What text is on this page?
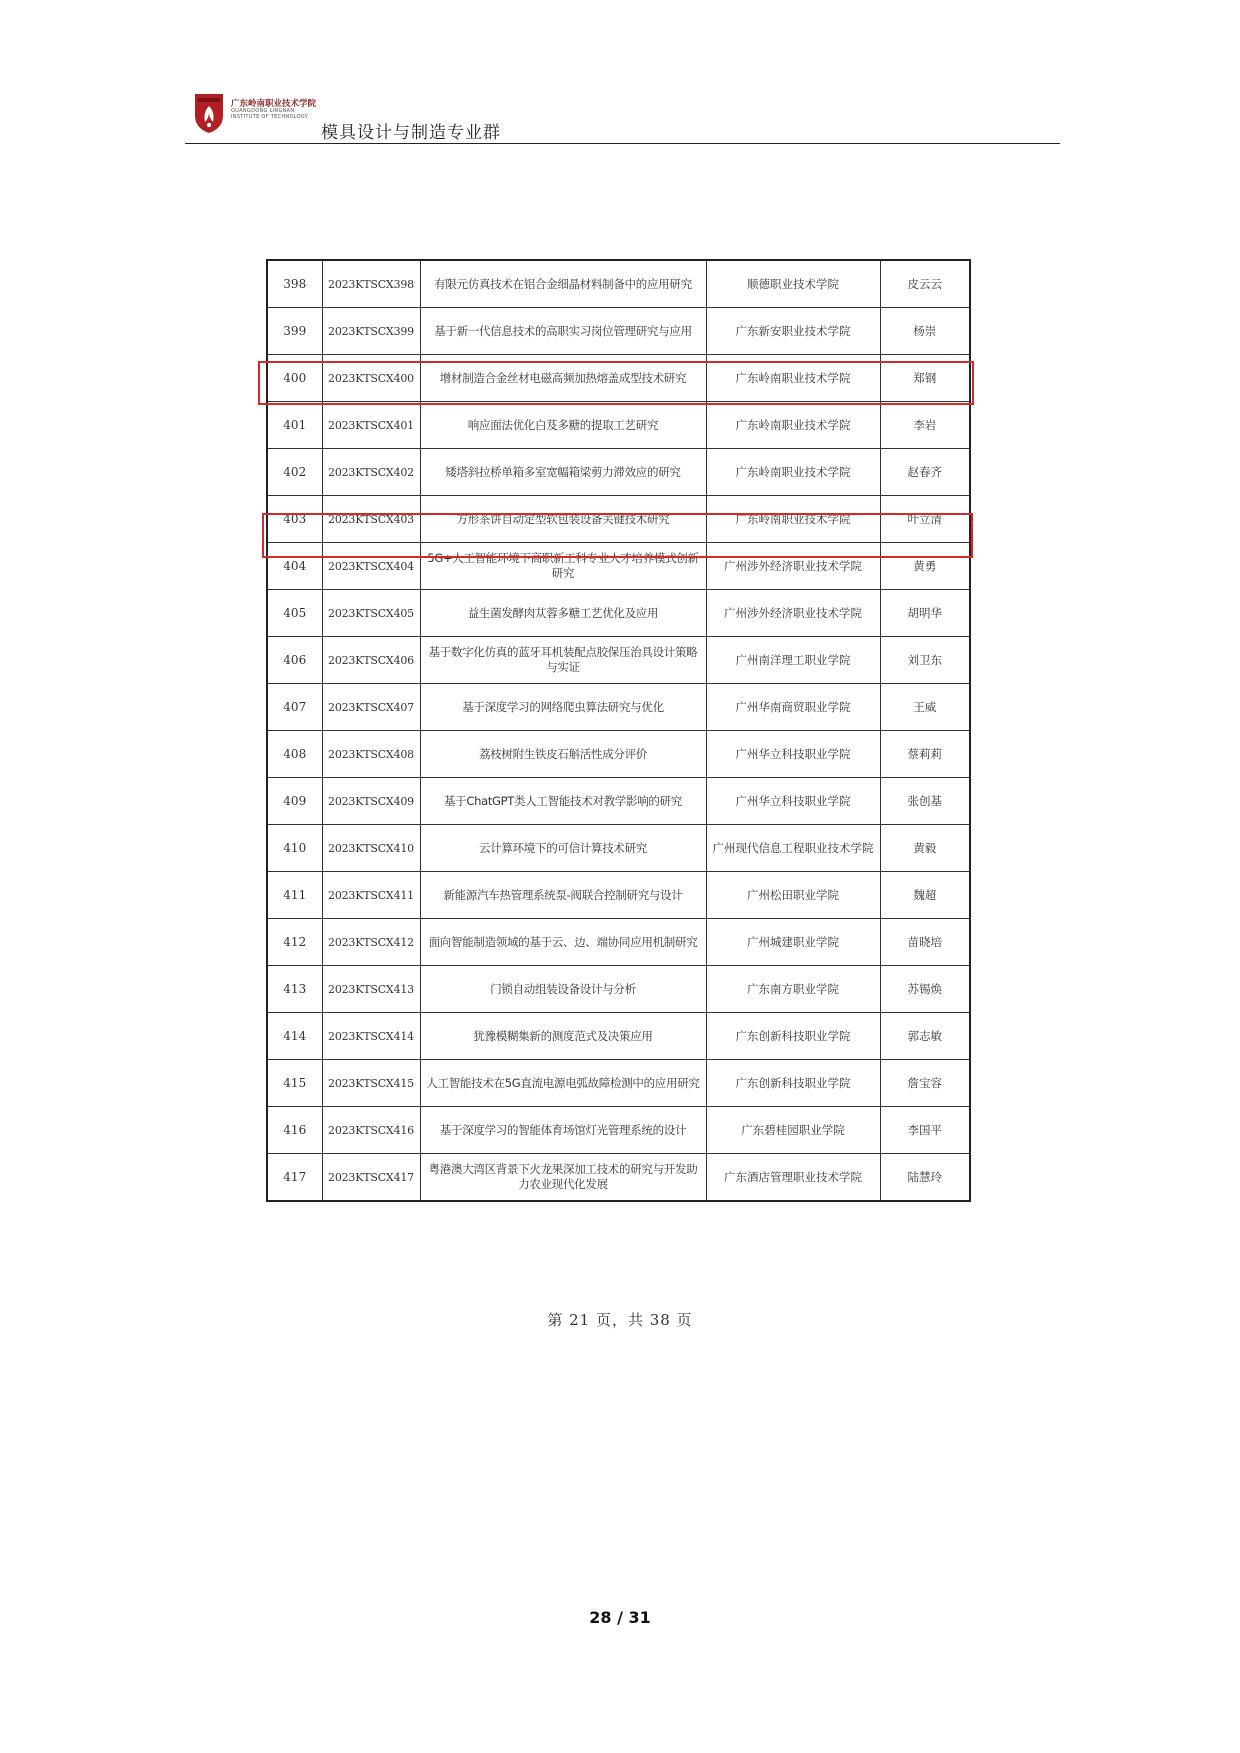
广东岭南职业技术学院
GUANGDONG LINGNAN
INSTITUTE OF TECHNOLOGY
模具设计与制造专业群
398	2023KTSCX398	有限元仿真技术在铝合金细晶材料制备中的应用研究	顺德职业技术学院	皮云云
399	2023KTSCX399	基于新一代信息技术的高职实习岗位管理研究与应用	广东新安职业技术学院	杨崇
400	2023KTSCX400	增材制造合金丝材电磁高频加热熔盖成型技术研究	广东岭南职业技术学院	郑钢
401	2023KTSCX401	响应面法优化白芨多糖的提取工艺研究	广东岭南职业技术学院	李岩
402	2023KTSCX402	矮塔斜拉桥单箱多室宽幅箱梁剪力滞效应的研究	广东岭南职业技术学院	赵春齐
403	2023KTSCX403	方形茶饼自动定型软包装设备关键技术研究	广东岭南职业技术学院	叶立清
404	2023KTSCX404	5G+人工智能环境下高职新工科专业人才培养模式创新研究	广州涉外经济职业技术学院	黄勇
405	2023KTSCX405	益生菌发酵肉苁蓉多糖工艺优化及应用	广州涉外经济职业技术学院	胡明华
406	2023KTSCX406	基于数字化仿真的蓝牙耳机装配点胶保压治具设计策略与实证	广州南洋理工职业学院	刘卫东
407	2023KTSCX407	基于深度学习的网络爬虫算法研究与优化	广州华南商贸职业学院	王威
408	2023KTSCX408	荔枝树附生铁皮石斛活性成分评价	广州华立科技职业学院	蔡莉莉
409	2023KTSCX409	基于ChatGPT类人工智能技术对教学影响的研究	广州华立科技职业学院	张创基
410	2023KTSCX410	云计算环境下的可信计算技术研究	广州现代信息工程职业技术学院	黄毅
411	2023KTSCX411	新能源汽车热管理系统泵-阀联合控制研究与设计	广州松田职业学院	魏超
412	2023KTSCX412	面向智能制造领域的基于云、边、端协同应用机制研究	广州城建职业学院	苗晓培
413	2023KTSCX413	门锁自动组装设备设计与分析	广东南方职业学院	苏锡焕
414	2023KTSCX414	犹豫模糊集新的测度范式及决策应用	广东创新科技职业学院	郭志敏
415	2023KTSCX415	人工智能技术在5G直流电源电弧故障检测中的应用研究	广东创新科技职业学院	詹宝容
416	2023KTSCX416	基于深度学习的智能体育场馆灯光管理系统的设计	广东碧桂园职业学院	李国平
417	2023KTSCX417	粤港澳大湾区背景下火龙果深加工技术的研究与开发助力农业现代化发展	广东酒店管理职业技术学院	陆慧玲
第 21 页，共 38 页
28 / 31
